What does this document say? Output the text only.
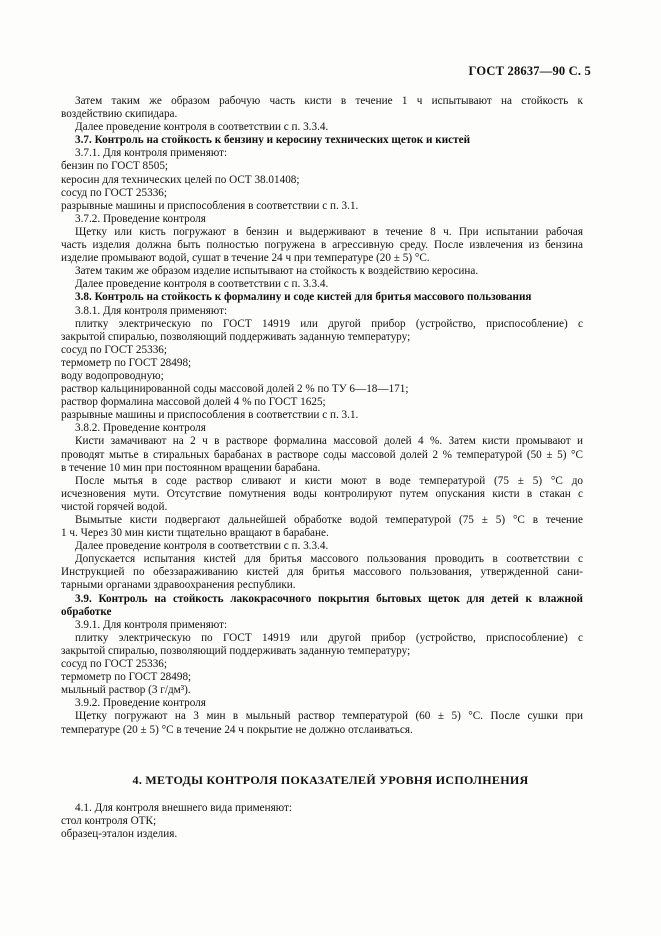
ГОСТ 28637—90 С. 5
Затем таким же образом рабочую часть кисти в течение 1 ч испытывают на стойкость к
воздействию скипидара.
Далее проведение контроля в соответствии с п. 3.3.4.
3.7. Контроль на стойкость к бензину и керосину технических щеток и кистей
3.7.1. Для контроля применяют:
бензин по ГОСТ 8505;
керосин для технических целей по ОСТ 38.01408;
сосуд по ГОСТ 25336;
разрывные машины и приспособления в соответствии с п. 3.1.
3.7.2. Проведение контроля
Щетку или кисть погружают в бензин и выдерживают в течение 8 ч. При испытании рабочая
часть изделия должна быть полностью погружена в агрессивную среду. После извлечения из бензина
изделие промывают водой, сушат в течение 24 ч при температуре (20 ± 5) °С.
Затем таким же образом изделие испытывают на стойкость к воздействию керосина.
Далее проведение контроля в соответствии с п. 3.3.4.
3.8. Контроль на стойкость к формалину и соде кистей для бритья массового пользования
3.8.1. Для контроля применяют:
плитку электрическую по ГОСТ 14919 или другой прибор (устройство, приспособление) с
закрытой спиралью, позволяющий поддерживать заданную температуру;
сосуд по ГОСТ 25336;
термометр по ГОСТ 28498;
воду водопроводную;
раствор кальцинированной соды массовой долей 2 % по ТУ 6—18—171;
раствор формалина массовой долей 4 % по ГОСТ 1625;
разрывные машины и приспособления в соответствии с п. 3.1.
3.8.2. Проведение контроля
Кисти замачивают на 2 ч в растворе формалина массовой долей 4 %. Затем кисти промывают и
проводят мытье в стиральных барабанах в растворе соды массовой долей 2 % температурой (50 ± 5) °С
в течение 10 мин при постоянном вращении барабана.
После мытья в соде раствор сливают и кисти моют в воде температурой (75 ± 5) °С до
исчезновения мути. Отсутствие помутнения воды контролируют путем опускания кисти в стакан с
чистой горячей водой.
Вымытые кисти подвергают дальнейшей обработке водой температурой (75 ± 5) °С в течение
1 ч. Через 30 мин кисти тщательно вращают в барабане.
Далее проведение контроля в соответствии с п. 3.3.4.
Допускается испытания кистей для бритья массового пользования проводить в соответствии с
Инструкцией по обеззараживанию кистей для бритья массового пользования, утвержденной сани-
тарными органами здравоохранения республики.
3.9. Контроль на стойкость лакокрасочного покрытия бытовых щеток для детей к влажной
обработке
3.9.1. Для контроля применяют:
плитку электрическую по ГОСТ 14919 или другой прибор (устройство, приспособление) с
закрытой спиралью, позволяющий поддерживать заданную температуру;
сосуд по ГОСТ 25336;
термометр по ГОСТ 28498;
мыльный раствор (3 г/дм³).
3.9.2. Проведение контроля
Щетку погружают на 3 мин в мыльный раствор температурой (60 ± 5) °С. После сушки при
температуре (20 ± 5) °С в течение 24 ч покрытие не должно отслаиваться.
4. МЕТОДЫ КОНТРОЛЯ ПОКАЗАТЕЛЕЙ УРОВНЯ ИСПОЛНЕНИЯ
4.1. Для контроля внешнего вида применяют:
стол контроля ОТК;
образец-эталон изделия.
